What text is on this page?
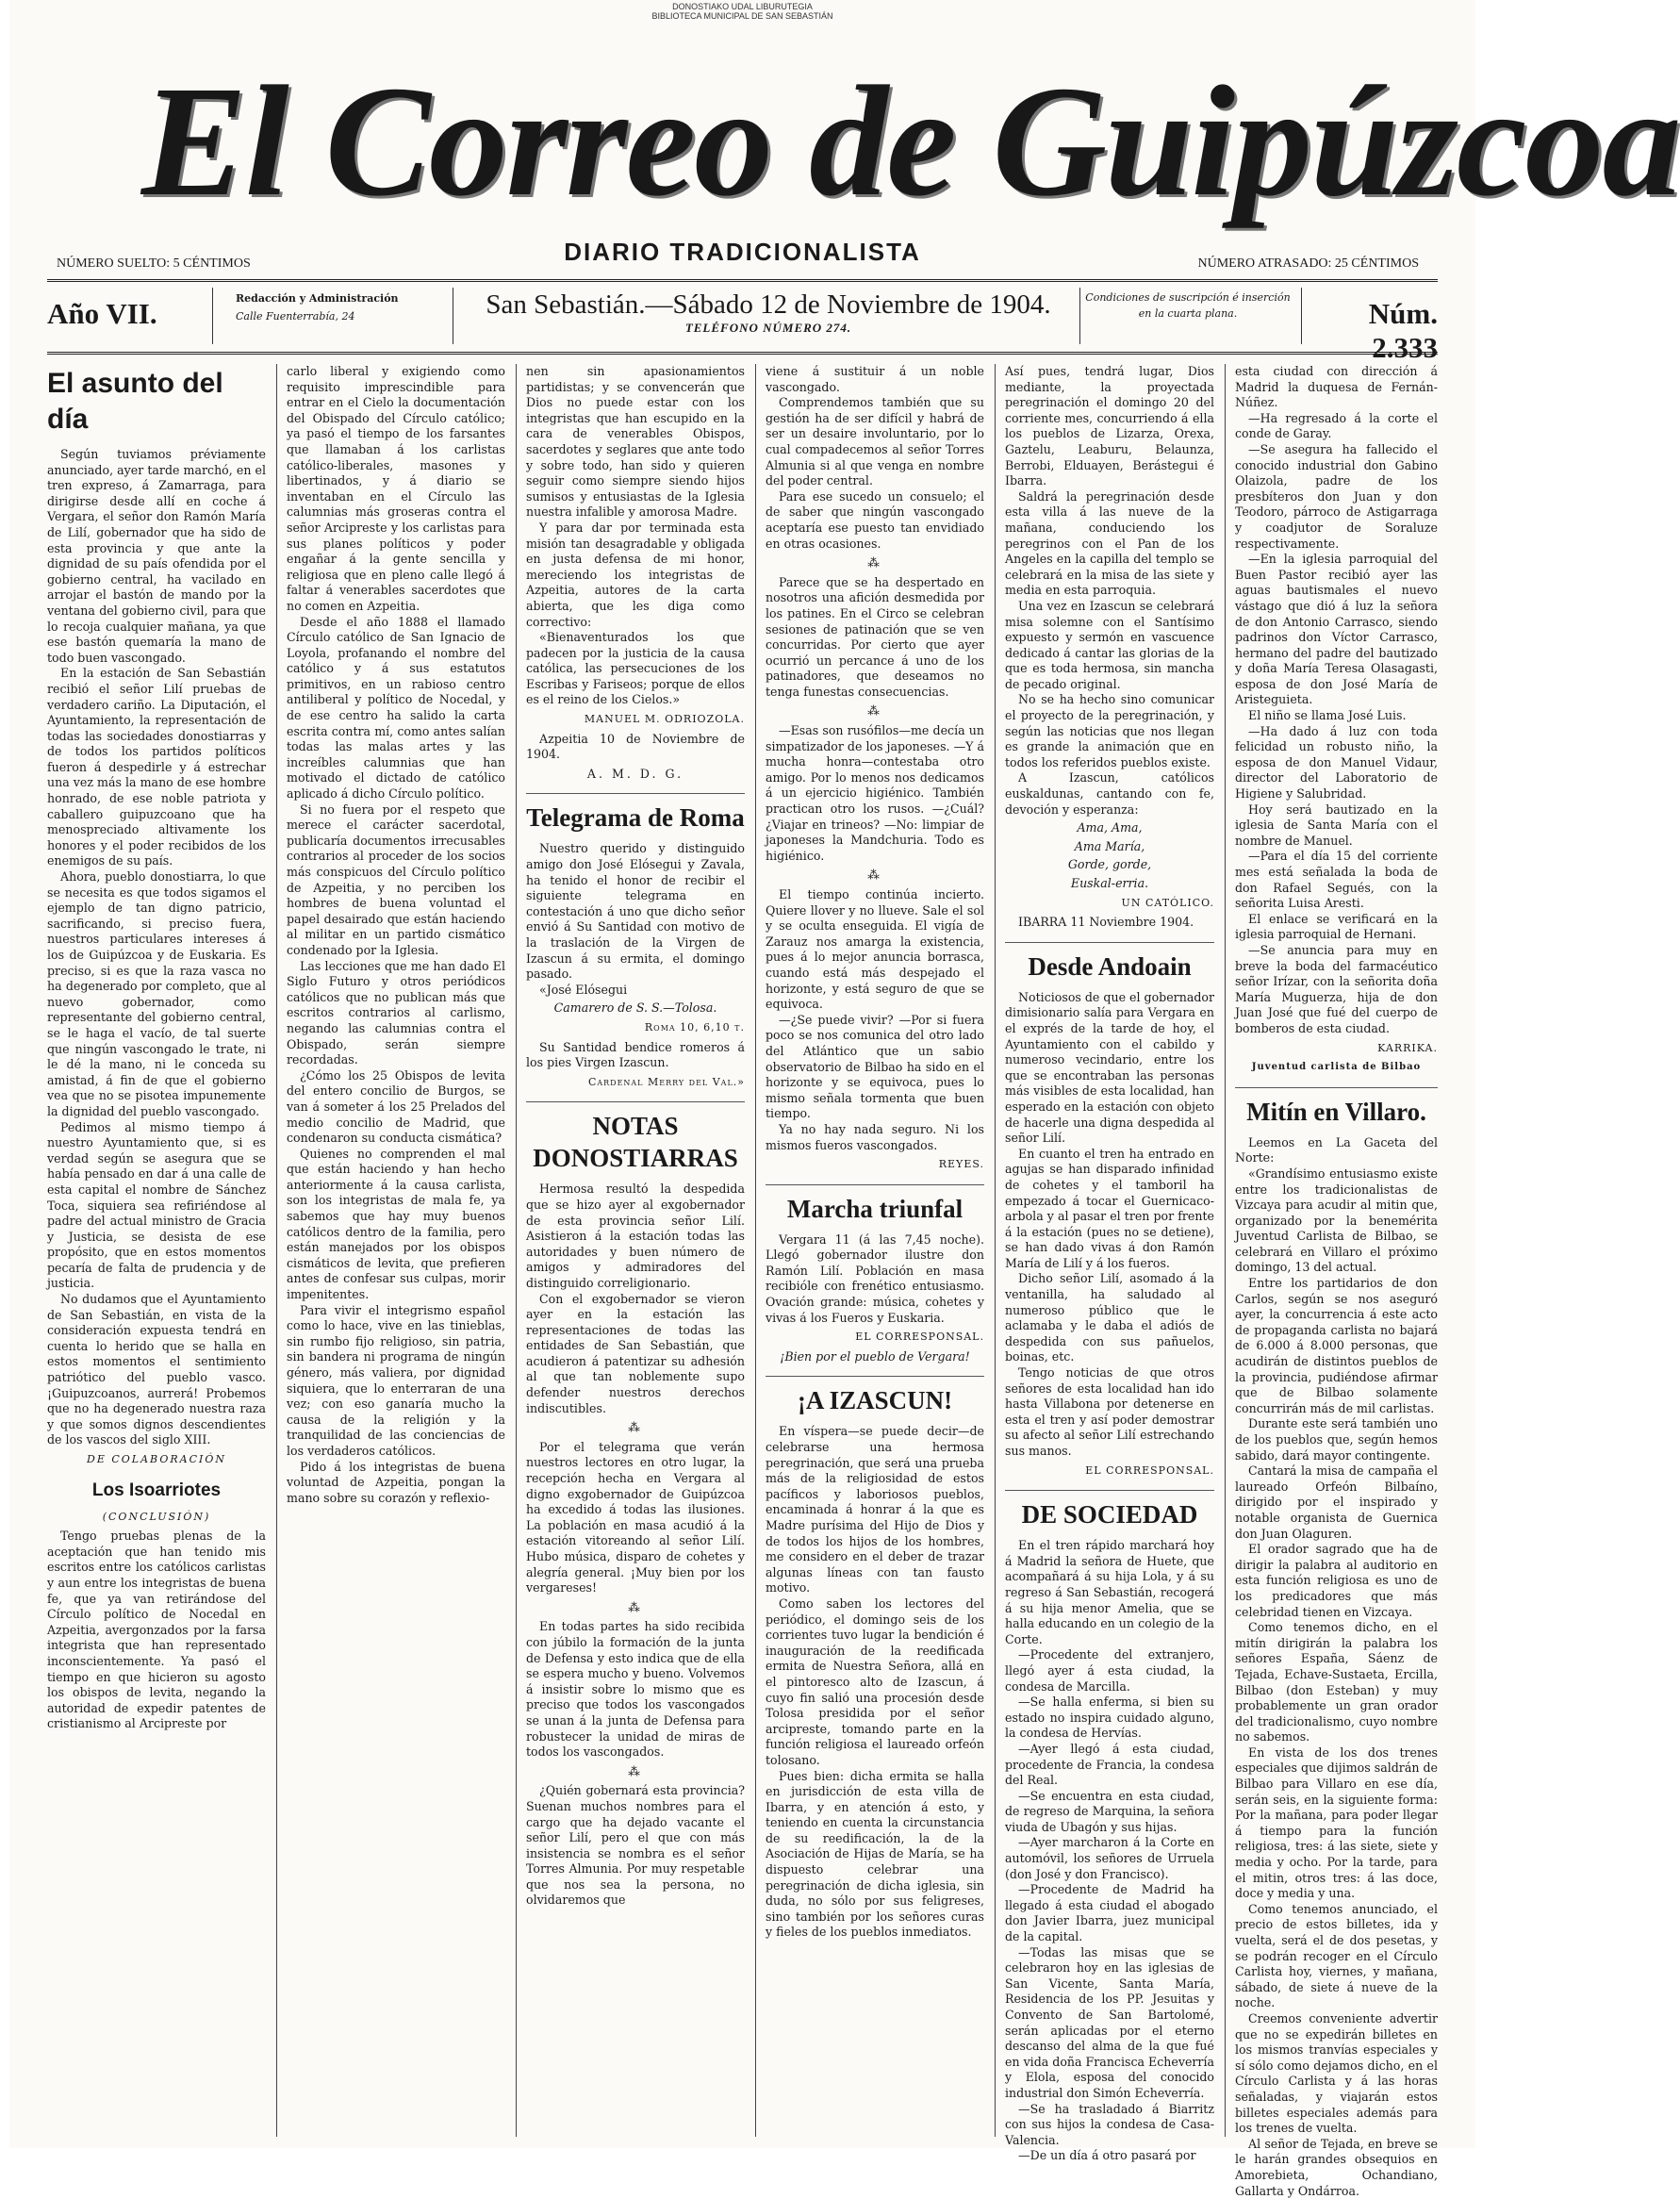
DONOSTIAKO UDAL LIBURUTEGIA
BIBLIOTECA MUNICIPAL DE SAN SEBASTIÁN
El Correo de Guipúzcoa
NÚMERO SUELTO: 5 CÉNTIMOS	DIARIO TRADICIONALISTA	NÚMERO ATRASADO: 25 CÉNTIMOS
Año VII.	Redacción y Administración
Calle Fuenterrabía, 24	San Sebastián.—Sábado 12 de Noviembre de 1904.
TELÉFONO NÚMERO 274.
Condiciones de suscripción é inserción en la cuarta plana.	Núm. 2.333
El asunto del día

Según tuviamos préviamente anunciado, ayer tarde marchó, en el tren expreso, á Zamarraga, para dirigirse desde allí en coche á Vergara, el señor don Ramón María de Lilí, gobernador que ha sido de esta provincia y que ante la dignidad de su país ofendida por el gobierno central, ha vacilado en arrojar el bastón de mando por la ventana del gobierno civil, para que lo recoja cualquier mañana, ya que ese bastón quemaría la mano de todo buen vascongado.

En la estación de San Sebastián recibió el señor Lilí pruebas de verdadero cariño. La Diputación, el Ayuntamiento, la representación de todas las sociedades donostiarras y de todos los partidos políticos fueron á despedirle y á estrechar una vez más la mano de ese hombre honrado, de ese noble patriota y caballero guipuzcoano que ha menospreciado altivamente los honores y el poder recibidos de los enemigos de su país.

Ahora, pueblo donostiarra, lo que se necesita es que todos sigamos el ejemplo de tan digno patricio, sacrificando, si preciso fuera, nuestros particulares intereses á los de Guipúzcoa y de Euskaria. Es preciso, si es que la raza vasca no ha degenerado por completo, que al nuevo gobernador, como representante del gobierno central, se le haga el vacío, de tal suerte que ningún vascongado le trate, ni le dé la mano, ni le conceda su amistad, á fin de que el gobierno vea que no se pisotea impunemente la dignidad del pueblo vascongado.

Pedimos al mismo tiempo á nuestro Ayuntamiento que, si es verdad según se asegura que se había pensado en dar á una calle de esta capital el nombre de Sánchez Toca, siquiera sea refiriéndose al padre del actual ministro de Gracia y Justicia, se desista de ese propósito, que en estos momentos pecaría de falta de prudencia y de justicia.

No dudamos que el Ayuntamiento de San Sebastián, en vista de la consideración expuesta tendrá en cuenta lo herido que se halla en estos momentos el sentimiento patriótico del pueblo vasco. ¡Guipuzcoanos, aurrerá! Probemos que no ha degenerado nuestra raza y que somos dignos descendientes de los vascos del siglo XIII.

DE COLABORACIÓN
Los Isoarriotes
(CONCLUSIÓN)

Tengo pruebas plenas de la aceptación que han tenido mis escritos entre los católicos carlistas y aun entre los integristas de buena fe, que ya van retirándose del Círculo político de Nocedal en Azpeitia, avergonzados por la farsa integrista que han representado inconscientemente. Ya pasó el tiempo en que hicieron su agosto los obispos de levita, negando la autoridad de expedir patentes de cristianismo al Arcipreste por

carlo liberal y exigiendo como requisito imprescindible para entrar en el Cielo la documentación del Obispado del Círculo católico; ya pasó el tiempo de los farsantes que llamaban á los carlistas católico-liberales, masones y libertinados, y á diario se inventaban en el Círculo las calumnias más groseras contra el señor Arcipreste y los carlistas para sus planes políticos y poder engañar á la gente sencilla y religiosa que en pleno calle llegó á faltar á venerables sacerdotes que no comen en Azpeitia.

Desde el año 1888 el llamado Círculo católico de San Ignacio de Loyola, profanando el nombre del católico y á sus estatutos primitivos, en un rabioso centro antiliberal y político de Nocedal, y de ese centro ha salido la carta escrita contra mí, como antes salían todas las malas artes y las increíbles calumnias que han motivado el dictado de católico aplicado á dicho Círculo político.

Si no fuera por el respeto que merece el carácter sacerdotal, publicaría documentos irrecusables contrarios al proceder de los socios más conspicuos del Círculo político de Azpeitia, y no perciben los hombres de buena voluntad el papel desairado que están haciendo al militar en un partido cismático condenado por la Iglesia.

Las lecciones que me han dado El Siglo Futuro y otros periódicos católicos que no publican más que escritos contrarios al carlismo, negando las calumnias contra el Obispado, serán siempre recordadas.

¿Cómo los 25 Obispos de levita del entero concilio de Burgos, se van á someter á los 25 Prelados del medio concilio de Madrid, que condenaron su conducta cismática?

Quienes no comprenden el mal que están haciendo y han hecho anteriormente á la causa carlista, son los integristas de mala fe, ya sabemos que hay muy buenos católicos dentro de la familia, pero están manejados por los obispos cismáticos de levita, que prefieren antes de confesar sus culpas, morir impenitentes.

Para vivir el integrismo español como lo hace, vive en las tinieblas, sin rumbo fijo religioso, sin patria, sin bandera ni programa de ningún género, más valiera, por dignidad siquiera, que lo enterraran de una vez; con eso ganaría mucho la causa de la religión y la tranquilidad de las conciencias de los verdaderos católicos.

Pido á los integristas de buena voluntad de Azpeitia, pongan la mano sobre su corazón y reflexio-

nen sin apasionamientos partidistas; y se convencerán que Dios no puede estar con los integristas que han escupido en la cara de venerables Obispos, sacerdotes y seglares que ante todo y sobre todo, han sido y quieren seguir como siempre siendo hijos sumisos y entusiastas de la Iglesia nuestra infalible y amorosa Madre.

Y para dar por terminada esta misión tan desagradable y obligada en justa defensa de mi honor, mereciendo los integristas de Azpeitia, autores de la carta abierta, que les diga como correctivo:

«Bienaventurados los que padecen por la justicia de la causa católica, las persecuciones de los Escribas y Fariseos; porque de ellos es el reino de los Cielos.»

MANUEL M. ODRIOZOLA.

Azpeitia 10 de Noviembre de 1904.

A. M. D. G.
Telegrama de Roma

Nuestro querido y distinguido amigo don José Elósegui y Zavala, ha tenido el honor de recibir el siguiente telegrama en contestación á uno que dicho señor envió á Su Santidad con motivo de la traslación de la Virgen de Izascun á su ermita, el domingo pasado.

«José Elósegui

Camarero de S. S.—Tolosa.
Roma 10, 6,10 t.

Su Santidad bendice romeros á los pies Virgen Izascun.

Cardenal Merry del Val.»
NOTAS DONOSTIARRAS

Hermosa resultó la despedida que se hizo ayer al exgobernador de esta provincia señor Lilí. Asistieron á la estación todas las autoridades y buen número de amigos y admiradores del distinguido correligionario.

Con el exgobernador se vieron ayer en la estación las representaciones de todas las entidades de San Sebastián, que acudieron á patentizar su adhesión al que tan noblemente supo defender nuestros derechos indiscutibles.

⁂

Por el telegrama que verán nuestros lectores en otro lugar, la recepción hecha en Vergara al digno exgobernador de Guipúzcoa ha excedido á todas las ilusiones. La población en masa acudió á la estación vitoreando al señor Lilí. Hubo música, disparo de cohetes y alegría general. ¡Muy bien por los vergareses!

⁂

En todas partes ha sido recibida con júbilo la formación de la junta de Defensa y esto indica que de ella se espera mucho y bueno. Volvemos á insistir sobre lo mismo que es preciso que todos los vascongados se unan á la junta de Defensa para robustecer la unidad de miras de todos los vascongados.

⁂

¿Quién gobernará esta provincia? Suenan muchos nombres para el cargo que ha dejado vacante el señor Lilí, pero el que con más insistencia se nombra es el señor Torres Almunia. Por muy respetable que nos sea la persona, no olvidaremos que

viene á sustituir á un noble vascongado.

Comprendemos también que su gestión ha de ser difícil y habrá de ser un desaire involuntario, por lo cual compadecemos al señor Torres Almunia si al que venga en nombre del poder central.

Para ese sucedo un consuelo; el de saber que ningún vascongado aceptaría ese puesto tan envidiado en otras ocasiones.

⁂

Parece que se ha despertado en nosotros una afición desmedida por los patines. En el Circo se celebran sesiones de patinación que se ven concurridas. Por cierto que ayer ocurrió un percance á uno de los patinadores, que deseamos no tenga funestas consecuencias.

⁂

—Esas son rusófilos—me decía un simpatizador de los japoneses. —Y á mucha honra—contestaba otro amigo. Por lo menos nos dedicamos á un ejercicio higiénico. También practican otro los rusos. —¿Cuál? ¿Viajar en trineos? —No: limpiar de japoneses la Mandchuria. Todo es higiénico.

⁂

El tiempo continúa incierto. Quiere llover y no llueve. Sale el sol y se oculta enseguida. El vigía de Zarauz nos amarga la existencia, pues á lo mejor anuncia borrasca, cuando está más despejado el horizonte, y está seguro de que se equivoca.

—¿Se puede vivir? —Por si fuera poco se nos comunica del otro lado del Atlántico que un sabio observatorio de Bilbao ha sido en el horizonte y se equivoca, pues lo mismo señala tormenta que buen tiempo.

Ya no hay nada seguro. Ni los mismos fueros vascongados.

REYES.
Marcha triunfal

Vergara 11 (á las 7,45 noche). Llegó gobernador ilustre don Ramón Lilí. Población en masa recibióle con frenético entusiasmo. Ovación grande: música, cohetes y vivas á los Fueros y Euskaria.

EL CORRESPONSAL.
¡Bien por el pueblo de Vergara!
¡A IZASCUN!

En víspera—se puede decir—de celebrarse una hermosa peregrinación, que será una prueba más de la religiosidad de estos pacíficos y laboriosos pueblos, encaminada á honrar á la que es Madre purísima del Hijo de Dios y de todos los hijos de los hombres, me considero en el deber de trazar algunas líneas con tan fausto motivo.

Como saben los lectores del periódico, el domingo seis de los corrientes tuvo lugar la bendición é inauguración de la reedificada ermita de Nuestra Señora, allá en el pintoresco alto de Izascun, á cuyo fin salió una procesión desde Tolosa presidida por el señor arcipreste, tomando parte en la función religiosa el laureado orfeón tolosano.

Pues bien: dicha ermita se halla en jurisdicción de esta villa de Ibarra, y en atención á esto, y teniendo en cuenta la circunstancia de su reedificación, la de la Asociación de Hijas de María, se ha dispuesto celebrar una peregrinación de dicha iglesia, sin duda, no sólo por sus feligreses, sino también por los señores curas y fieles de los pueblos inmediatos.

Así pues, tendrá lugar, Dios mediante, la proyectada peregrinación el domingo 20 del corriente mes, concurriendo á ella los pueblos de Lizarza, Orexa, Gaztelu, Leaburu, Belaunza, Berrobi, Elduayen, Berástegui é Ibarra.

Saldrá la peregrinación desde esta villa á las nueve de la mañana, conduciendo los peregrinos con el Pan de los Angeles en la capilla del templo se celebrará en la misa de las siete y media en esta parroquia.

Una vez en Izascun se celebrará misa solemne con el Santísimo expuesto y sermón en vascuence dedicado á cantar las glorias de la que es toda hermosa, sin mancha de pecado original.

No se ha hecho sino comunicar el proyecto de la peregrinación, y según las noticias que nos llegan es grande la animación que en todos los referidos pueblos existe.

A Izascun, católicos euskaldunas, cantando con fe, devoción y esperanza:

Ama, Ama,
Ama María,
Gorde, gorde,
Euskal-erria.
UN CATÓLICO.

IBARRA 11 Noviembre 1904.

Desde Andoain

Noticiosos de que el gobernador dimisionario salía para Vergara en el exprés de la tarde de hoy, el Ayuntamiento con el cabildo y numeroso vecindario, entre los que se encontraban las personas más visibles de esta localidad, han esperado en la estación con objeto de hacerle una digna despedida al señor Lilí.

En cuanto el tren ha entrado en agujas se han disparado infinidad de cohetes y el tamboril ha empezado á tocar el Guernicaco-arbola y al pasar el tren por frente á la estación (pues no se detiene), se han dado vivas á don Ramón María de Lilí y á los fueros.

Dicho señor Lilí, asomado á la ventanilla, ha saludado al numeroso público que le aclamaba y le daba el adiós de despedida con sus pañuelos, boinas, etc.

Tengo noticias de que otros señores de esta localidad han ido hasta Villabona por detenerse en esta el tren y así poder demostrar su afecto al señor Lilí estrechando sus manos.

EL CORRESPONSAL.
DE SOCIEDAD

En el tren rápido marchará hoy á Madrid la señora de Huete, que acompañará á su hija Lola, y á su regreso á San Sebastián, recogerá á su hija menor Amelia, que se halla educando en un colegio de la Corte.

—Procedente del extranjero, llegó ayer á esta ciudad, la condesa de Marcilla.

—Se halla enferma, si bien su estado no inspira cuidado alguno, la condesa de Hervías.

—Ayer llegó á esta ciudad, procedente de Francia, la condesa del Real.

—Se encuentra en esta ciudad, de regreso de Marquina, la señora viuda de Ubagón y sus hijas.

—Ayer marcharon á la Corte en automóvil, los señores de Urruela (don José y don Francisco).

—Procedente de Madrid ha llegado á esta ciudad el abogado don Javier Ibarra, juez municipal de la capital.

—Todas las misas que se celebraron hoy en las iglesias de San Vicente, Santa María, Residencia de los PP. Jesuitas y Convento de San Bartolomé, serán aplicadas por el eterno descanso del alma de la que fué en vida doña Francisca Echeverría y Elola, esposa del conocido industrial don Simón Echeverría.

—Se ha trasladado á Biarritz con sus hijos la condesa de Casa-Valencia.

—De un día á otro pasará por

esta ciudad con dirección á Madrid la duquesa de Fernán-Núñez.

—Ha regresado á la corte el conde de Garay.

—Se asegura ha fallecido el conocido industrial don Gabino Olaizola, padre de los presbíteros don Juan y don Teodoro, párroco de Astigarraga y coadjutor de Soraluze respectivamente.

—En la iglesia parroquial del Buen Pastor recibió ayer las aguas bautismales el nuevo vástago que dió á luz la señora de don Antonio Carrasco, siendo padrinos don Víctor Carrasco, hermano del padre del bautizado y doña María Teresa Olasagasti, esposa de don José María de Aristeguieta.

El niño se llama José Luis.

—Ha dado á luz con toda felicidad un robusto niño, la esposa de don Manuel Vidaur, director del Laboratorio de Higiene y Salubridad.

Hoy será bautizado en la iglesia de Santa María con el nombre de Manuel.

—Para el día 15 del corriente mes está señalada la boda de don Rafael Segués, con la señorita Luisa Aresti.

El enlace se verificará en la iglesia parroquial de Hernani.

—Se anuncia para muy en breve la boda del farmacéutico señor Irízar, con la señorita doña María Muguerza, hija de don Juan José que fué del cuerpo de bomberos de esta ciudad.

KARRIKA.
Juventud carlista de Bilbao
Mitín en Villaro.

Leemos en La Gaceta del Norte:

«Grandísimo entusiasmo existe entre los tradicionalistas de Vizcaya para acudir al mitin que, organizado por la benemérita Juventud Carlista de Bilbao, se celebrará en Villaro el próximo domingo, 13 del actual.

Entre los partidarios de don Carlos, según se nos aseguró ayer, la concurrencia á este acto de propaganda carlista no bajará de 6.000 á 8.000 personas, que acudirán de distintos pueblos de la provincia, pudiéndose afirmar que de Bilbao solamente concurrirán más de mil carlistas.

Durante este será también uno de los pueblos que, según hemos sabido, dará mayor contingente.

Cantará la misa de campaña el laureado Orfeón Bilbaíno, dirigido por el inspirado y notable organista de Guernica don Juan Olaguren.

El orador sagrado que ha de dirigir la palabra al auditorio en esta función religiosa es uno de los predicadores que más celebridad tienen en Vizcaya.

Como tenemos dicho, en el mitín dirigirán la palabra los señores España, Sáenz de Tejada, Echave-Sustaeta, Ercilla, Bilbao (don Esteban) y muy probablemente un gran orador del tradicionalismo, cuyo nombre no sabemos.

En vista de los dos trenes especiales que dijimos saldrán de Bilbao para Villaro en ese día, serán seis, en la siguiente forma: Por la mañana, para poder llegar á tiempo para la función religiosa, tres: á las siete, siete y media y ocho. Por la tarde, para el mitin, otros tres: á las doce, doce y media y una.

Como tenemos anunciado, el precio de estos billetes, ida y vuelta, será el de dos pesetas, y se podrán recoger en el Círculo Carlista hoy, viernes, y mañana, sábado, de siete á nueve de la noche.

Creemos conveniente advertir que no se expedirán billetes en los mismos tranvías especiales y sí sólo como dejamos dicho, en el Círculo Carlista y á las horas señaladas, y viajarán estos billetes especiales además para los trenes de vuelta.

Al señor de Tejada, en breve se le harán grandes obsequios en Amorebieta, Ochandiano, Gallarta y Ondárroa.
